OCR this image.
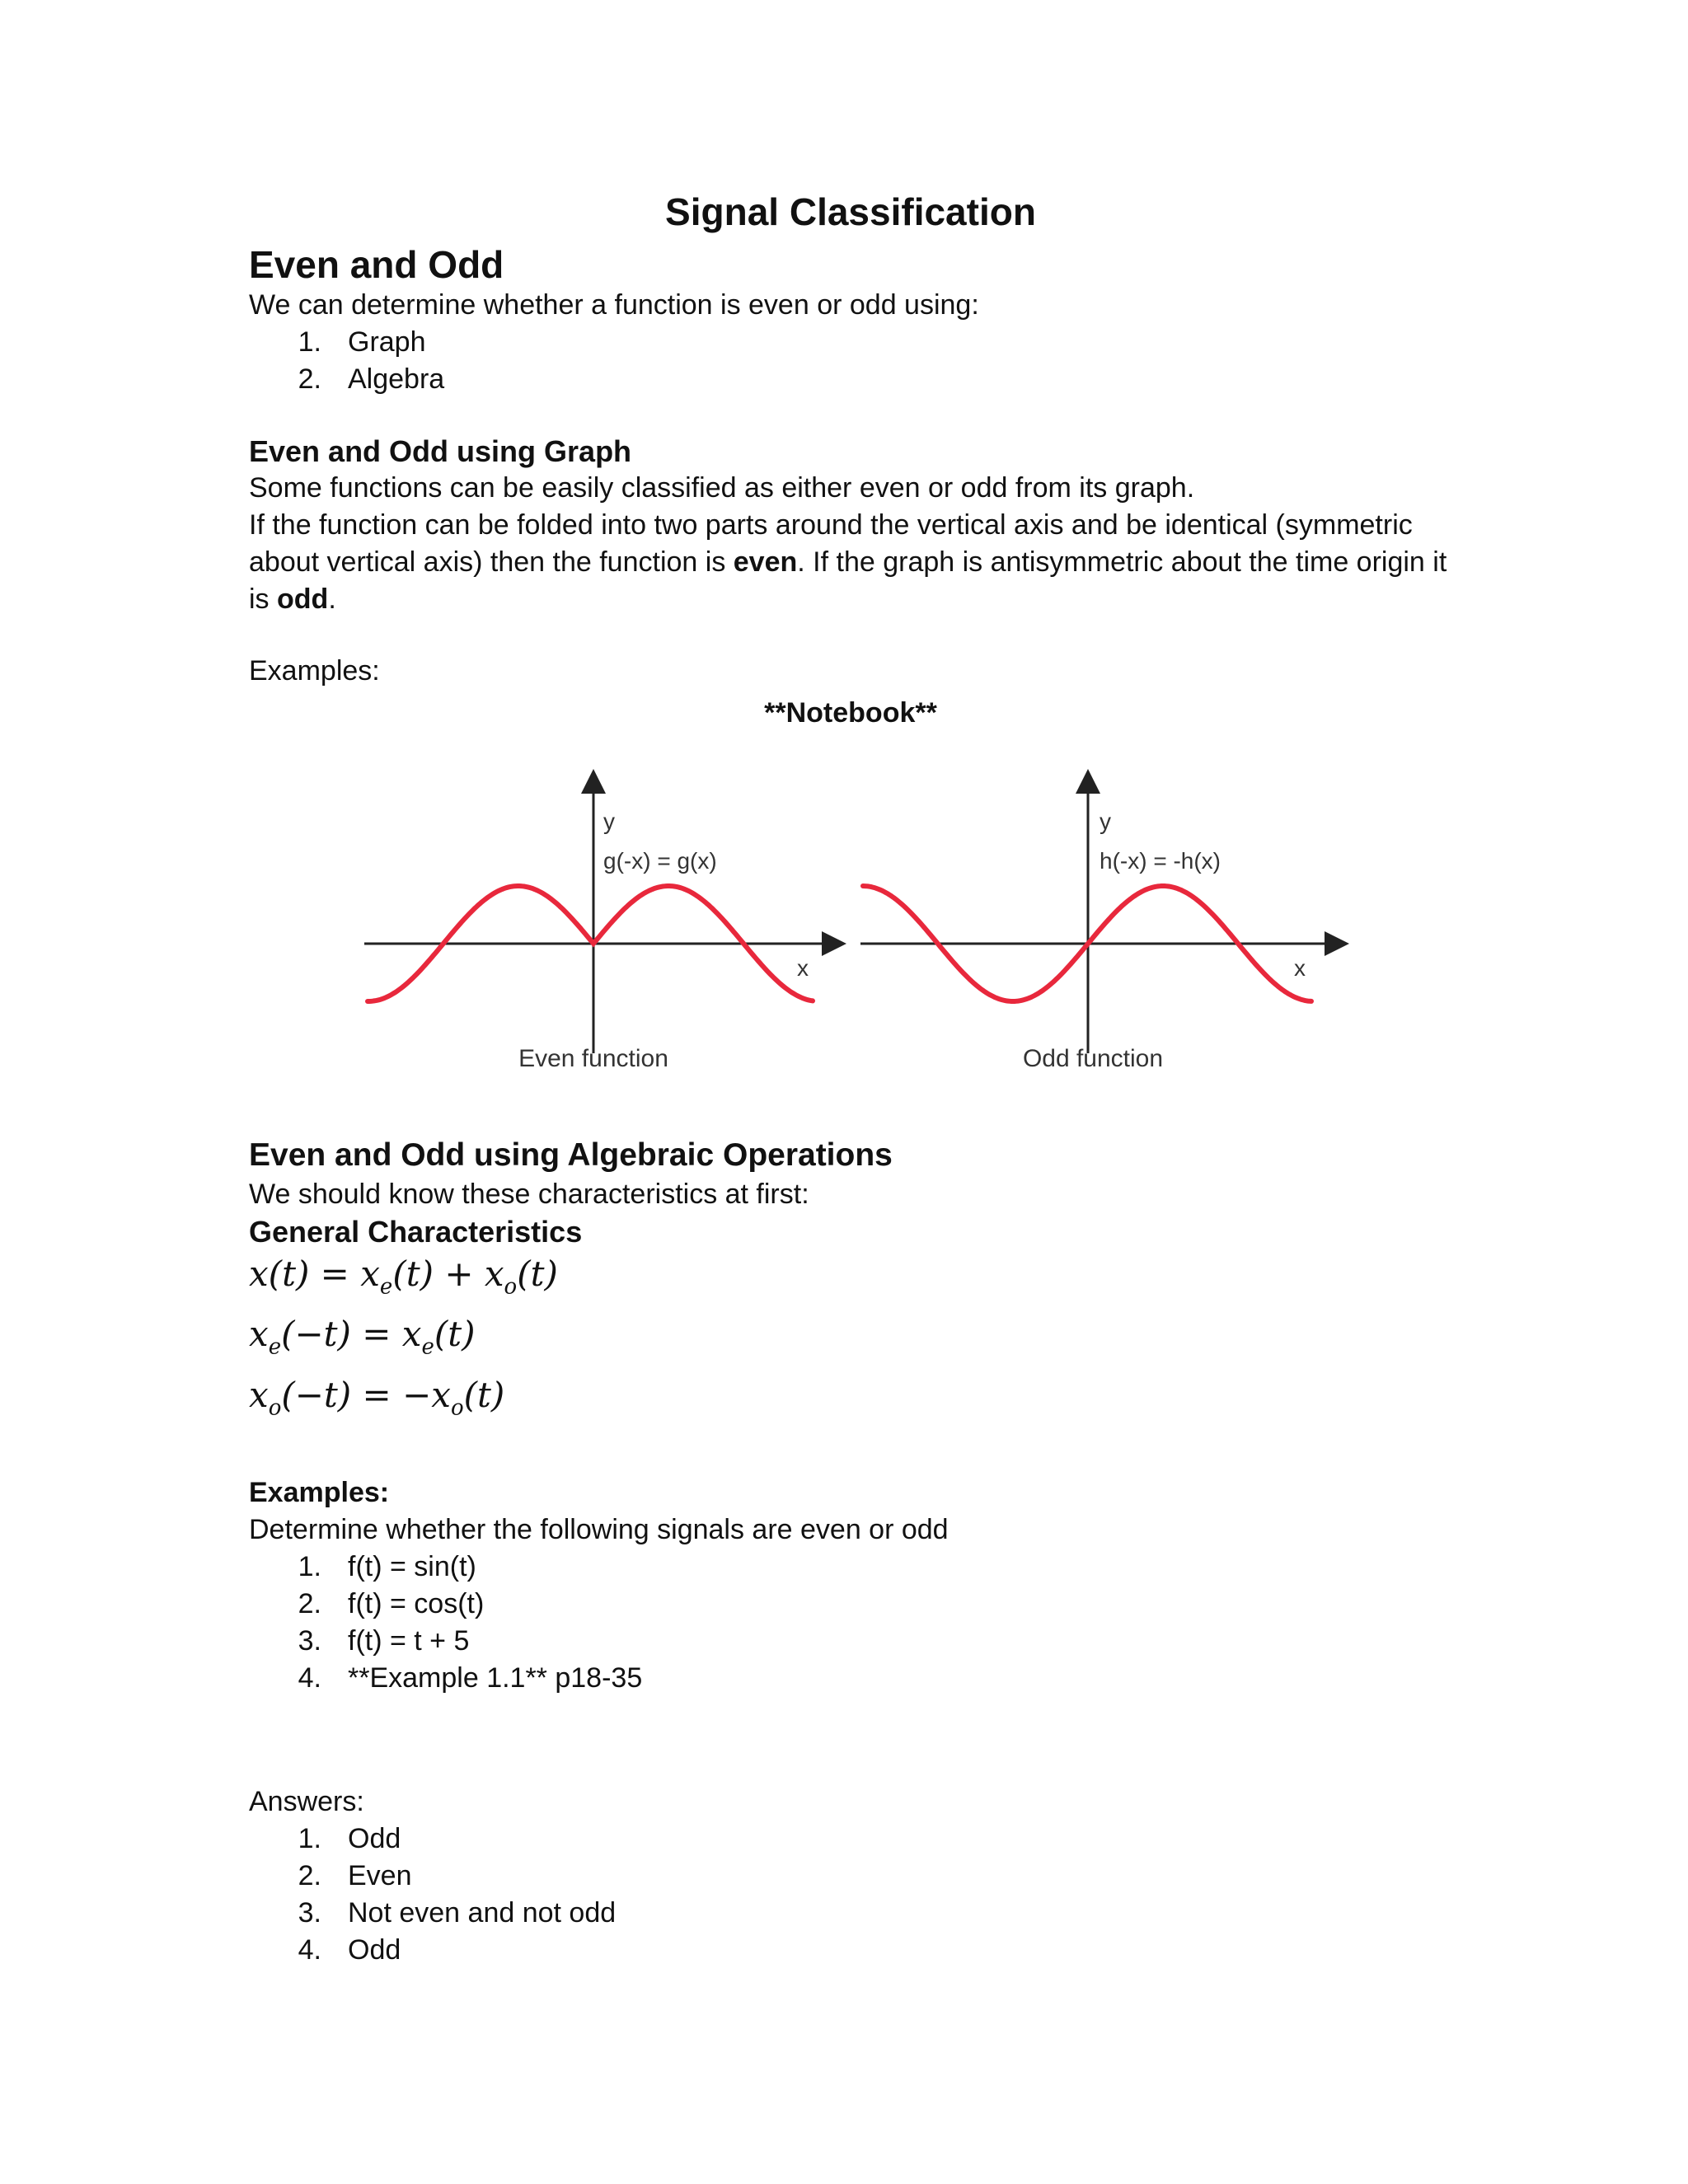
Signal Classification
Even and Odd

We can determine whether a function is even or odd using:

1. Graph
2. Algebra
Even and Odd using Graph

Some functions can be easily classified as either even or odd from its graph.

If the function can be folded into two parts around the vertical axis and be identical (symmetric about vertical axis) then the function is even. If the graph is antisymmetric about the time origin it is odd.

Examples:

**Notebook**
y
g(-x) = g(x)
x
Even function
y
h(-x) = -h(x)
x
Odd function
Even and Odd using Algebraic Operations

We should know these characteristics at first:

General Characteristics
$x(t) = x_e(t) + x_o(t)$
$x_e(-t) = x_e(t)$
$x_o(-t) = -x_o(t)$

Examples:

Determine whether the following signals are even or odd

1. f(t) = sin(t)
2. f(t) = cos(t)
3. f(t) = t + 5
4. **Example 1.1** p18-35

Answers:

1. Odd
2. Even
3. Not even and not odd
4. Odd
